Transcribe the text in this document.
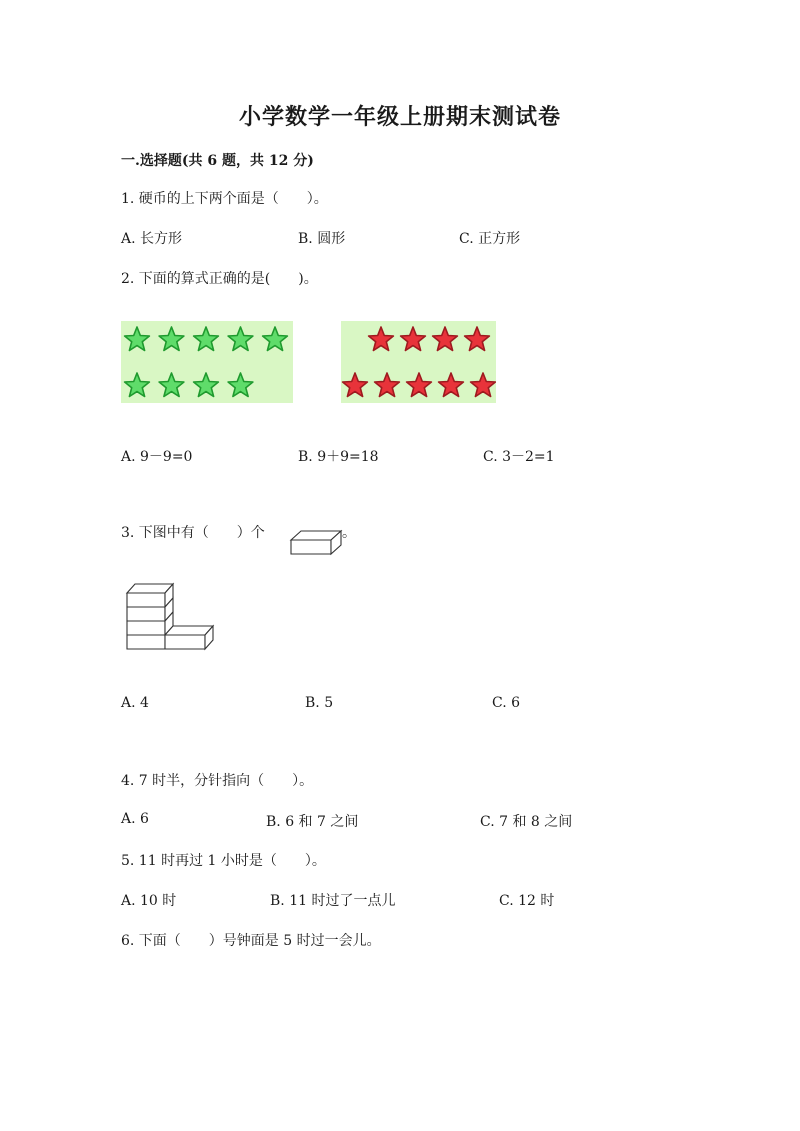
小学数学一年级上册期末测试卷
一.选择题(共 6 题，共 12 分)
1. 硬币的上下两个面是（　　）。
A. 长方形	B. 圆形	C. 正方形
2. 下面的算式正确的是(　　)。
A. 9－9=0	B. 9＋9=18	C. 3－2=1
3. 下图中有（　　）个	。
A. 4	B. 5	C. 6
4. 7 时半，分针指向（　　）。
A. 6	B. 6 和 7 之间	C. 7 和 8 之间
5. 11 时再过 1 小时是（　　）。
A. 10 时	B. 11 时过了一点儿	C. 12 时
6. 下面（　　）号钟面是 5 时过一会儿。
